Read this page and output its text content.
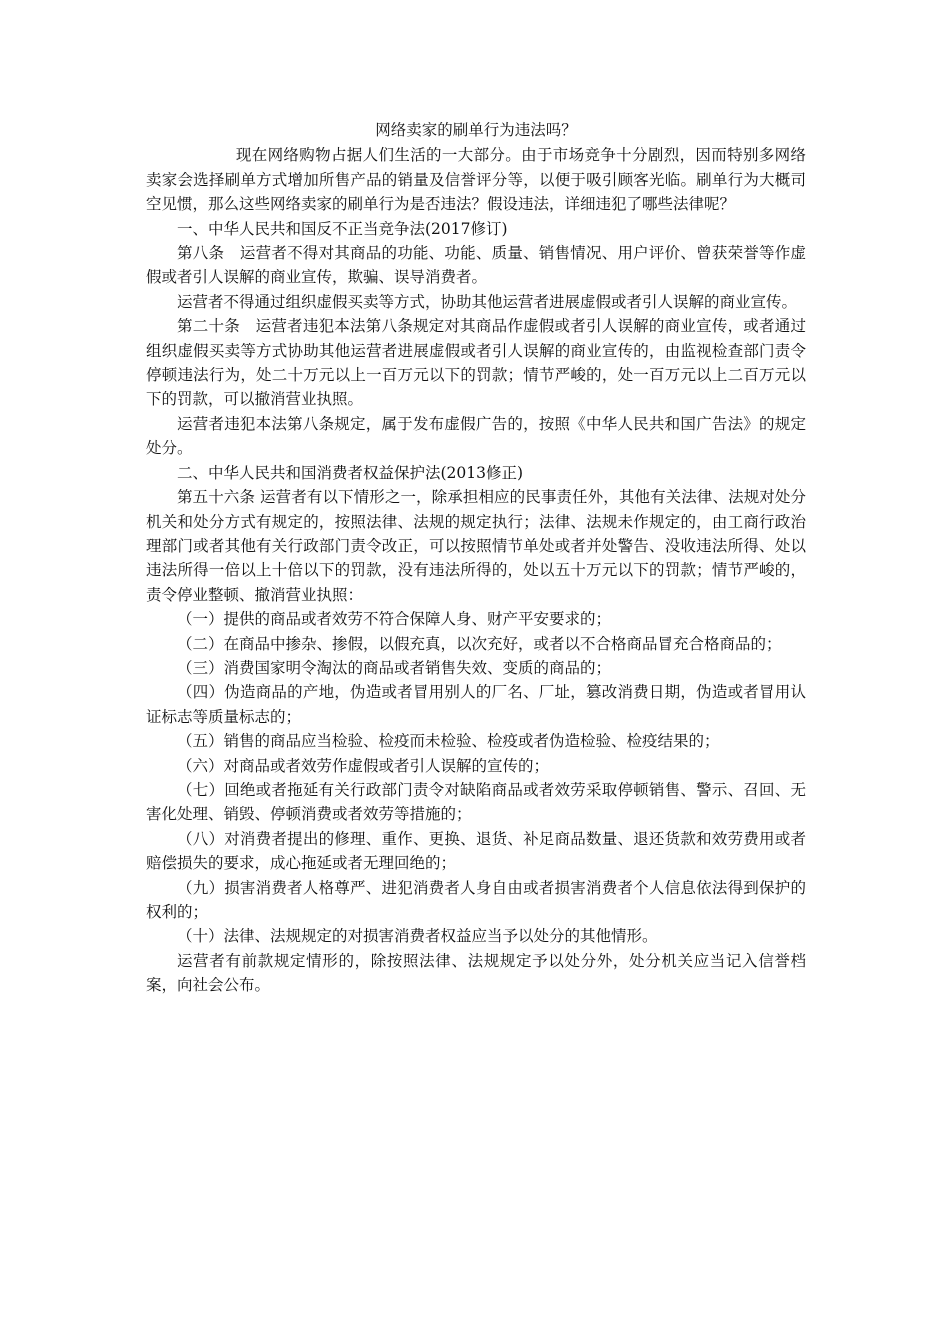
网络卖家的刷单行为违法吗？

现在网络购物占据人们生活的一大部分。由于市场竞争十分剧烈，因而特别多网络卖家会选择刷单方式增加所售产品的销量及信誉评分等，以便于吸引顾客光临。刷单行为大概司空见惯，那么这些网络卖家的刷单行为是否违法？假设违法，详细违犯了哪些法律呢？

一、中华人民共和国反不正当竞争法(2017修订)

第八条　运营者不得对其商品的功能、功能、质量、销售情况、用户评价、曾获荣誉等作虚假或者引人误解的商业宣传，欺骗、误导消费者。

运营者不得通过组织虚假买卖等方式，协助其他运营者进展虚假或者引人误解的商业宣传。

第二十条　运营者违犯本法第八条规定对其商品作虚假或者引人误解的商业宣传，或者通过组织虚假买卖等方式协助其他运营者进展虚假或者引人误解的商业宣传的，由监视检查部门责令停顿违法行为，处二十万元以上一百万元以下的罚款；情节严峻的，处一百万元以上二百万元以下的罚款，可以撤消营业执照。

运营者违犯本法第八条规定，属于发布虚假广告的，按照《中华人民共和国广告法》的规定处分。

二、中华人民共和国消费者权益保护法(2013修正)

第五十六条 运营者有以下情形之一，除承担相应的民事责任外，其他有关法律、法规对处分机关和处分方式有规定的，按照法律、法规的规定执行；法律、法规未作规定的，由工商行政治理部门或者其他有关行政部门责令改正，可以按照情节单处或者并处警告、没收违法所得、处以违法所得一倍以上十倍以下的罚款，没有违法所得的，处以五十万元以下的罚款；情节严峻的，责令停业整顿、撤消营业执照：

（一）提供的商品或者效劳不符合保障人身、财产平安要求的；

（二）在商品中掺杂、掺假，以假充真，以次充好，或者以不合格商品冒充合格商品的；

（三）消费国家明令淘汰的商品或者销售失效、变质的商品的；

（四）伪造商品的产地，伪造或者冒用别人的厂名、厂址，篡改消费日期，伪造或者冒用认证标志等质量标志的；

（五）销售的商品应当检验、检疫而未检验、检疫或者伪造检验、检疫结果的；

（六）对商品或者效劳作虚假或者引人误解的宣传的；

（七）回绝或者拖延有关行政部门责令对缺陷商品或者效劳采取停顿销售、警示、召回、无害化处理、销毁、停顿消费或者效劳等措施的；

（八）对消费者提出的修理、重作、更换、退货、补足商品数量、退还货款和效劳费用或者赔偿损失的要求，成心拖延或者无理回绝的；

（九）损害消费者人格尊严、进犯消费者人身自由或者损害消费者个人信息依法得到保护的权利的；

（十）法律、法规规定的对损害消费者权益应当予以处分的其他情形。

运营者有前款规定情形的，除按照法律、法规规定予以处分外，处分机关应当记入信誉档案，向社会公布。
